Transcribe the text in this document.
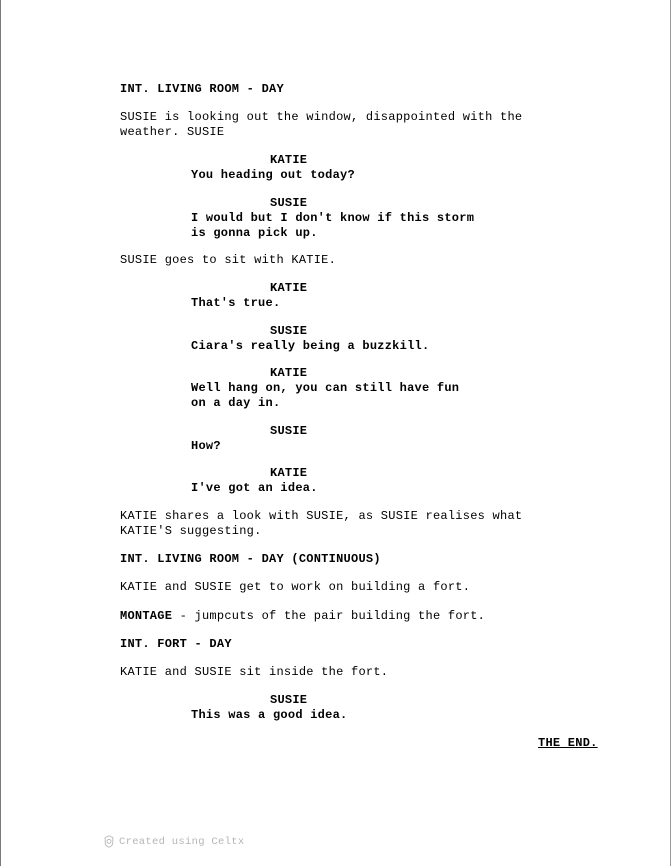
INT. LIVING ROOM - DAY

SUSIE is looking out the window, disappointed with the

weather. SUSIE

KATIE

You heading out today?

SUSIE

I would but I don't know if this storm

is gonna pick up.

SUSIE goes to sit with KATIE.

KATIE

That's true.

SUSIE

Ciara's really being a buzzkill.

KATIE

Well hang on, you can still have fun

on a day in.

SUSIE

How?

KATIE

I've got an idea.

KATIE shares a look with SUSIE, as SUSIE realises what

KATIE'S suggesting.

INT. LIVING ROOM - DAY (CONTINUOUS)

KATIE and SUSIE get to work on building a fort.

MONTAGE - jumpcuts of the pair building the fort.

INT. FORT - DAY

KATIE and SUSIE sit inside the fort.

SUSIE

This was a good idea.

THE END.

Created using Celtx
